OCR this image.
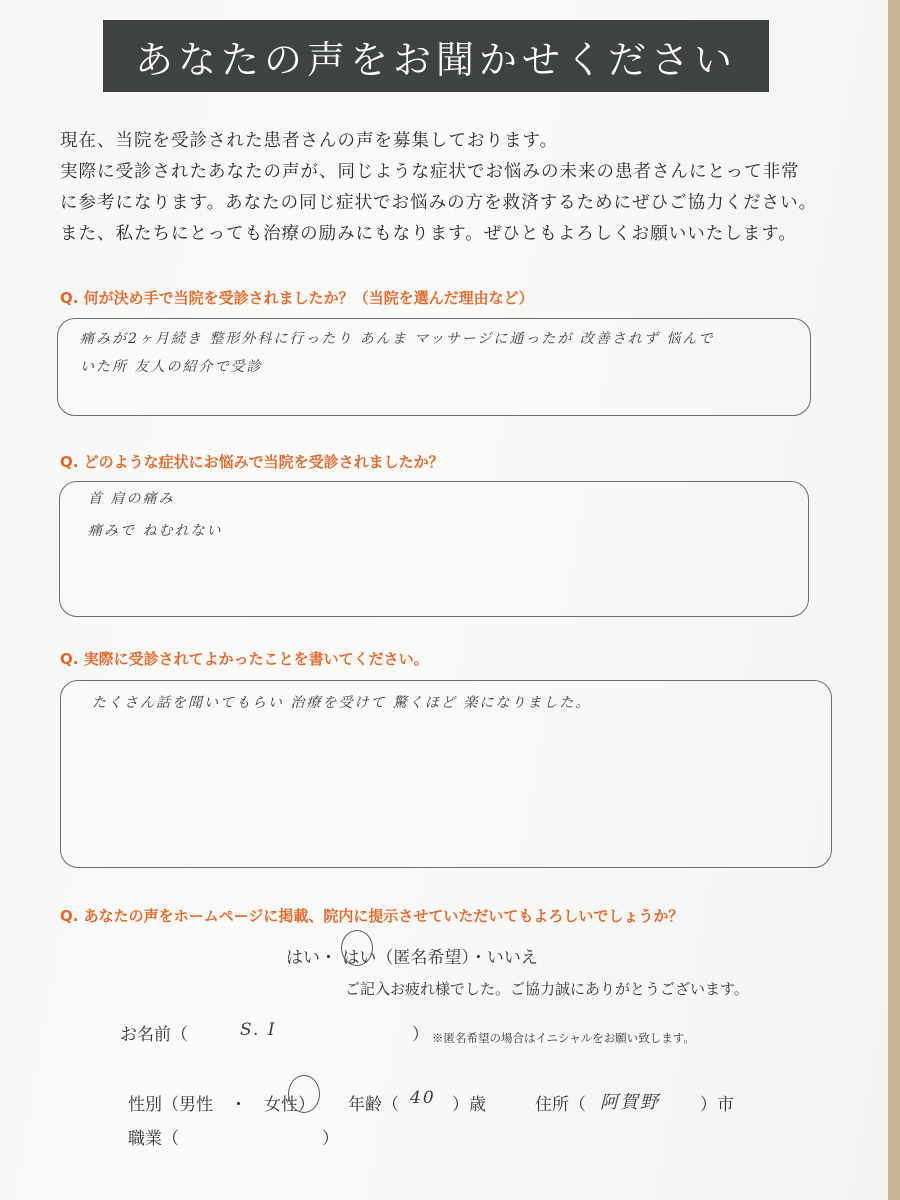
あなたの声をお聞かせください
現在、当院を受診された患者さんの声を募集しております。
実際に受診されたあなたの声が、同じような症状でお悩みの未来の患者さんにとって非常
に参考になります。あなたの同じ症状でお悩みの方を救済するためにぜひご協力ください。
また、私たちにとっても治療の励みにもなります。ぜひともよろしくお願いいたします。
Q. 何が決め手で当院を受診されましたか？（当院を選んだ理由など）
痛みが2ヶ月続き 整形外科に行ったり あんま マッサージに通ったが 改善されず 悩んで
いた所 友人の紹介で受診
Q. どのような症状にお悩みで当院を受診されましたか？
首 肩の痛み
痛みで ねむれない
Q. 実際に受診されてよかったことを書いてください。
たくさん話を聞いてもらい 治療を受けて 驚くほど 楽になりました。
Q. あなたの声をホームページに掲載、院内に提示させていただいてもよろしいでしょうか？
はい・ はい（匿名希望）・いいえ
ご記入お疲れ様でした。ご協力誠にありがとうございます。
お名前（	S. I	） ※匿名希望の場合はイニシャルをお願い致します。
性別（男性　・　女性） 年齢（ 40 ）歳	住所（ 阿賀野 ）市
職業（	）
